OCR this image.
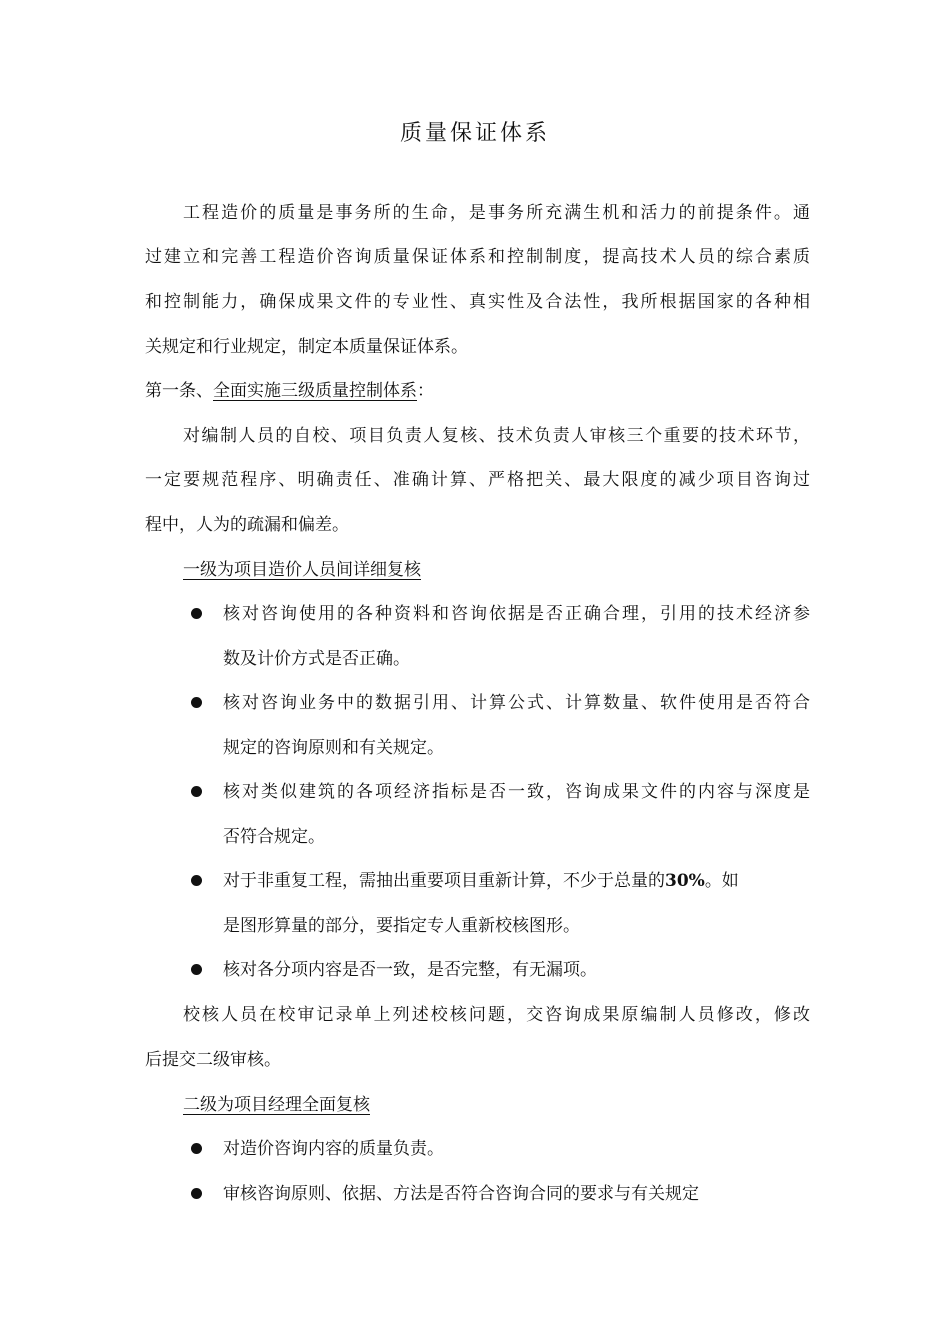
质量保证体系
工程造价的质量是事务所的生命，是事务所充满生机和活力的前提条件。通
过建立和完善工程造价咨询质量保证体系和控制制度，提高技术人员的综合素质
和控制能力，确保成果文件的专业性、真实性及合法性，我所根据国家的各种相
关规定和行业规定，制定本质量保证体系。
第一条、全面实施三级质量控制体系：
对编制人员的自校、项目负责人复核、技术负责人审核三个重要的技术环节，
一定要规范程序、明确责任、准确计算、严格把关、最大限度的减少项目咨询过
程中，人为的疏漏和偏差。
一级为项目造价人员间详细复核
核对咨询使用的各种资料和咨询依据是否正确合理，引用的技术经济参
数及计价方式是否正确。
核对咨询业务中的数据引用、计算公式、计算数量、软件使用是否符合
规定的咨询原则和有关规定。
核对类似建筑的各项经济指标是否一致，咨询成果文件的内容与深度是
否符合规定。
对于非重复工程，需抽出重要项目重新计算，不少于总量的30%。如
是图形算量的部分，要指定专人重新校核图形。
核对各分项内容是否一致，是否完整，有无漏项。
校核人员在校审记录单上列述校核问题，交咨询成果原编制人员修改，修改
后提交二级审核。
二级为项目经理全面复核
对造价咨询内容的质量负责。
审核咨询原则、依据、方法是否符合咨询合同的要求与有关规定
